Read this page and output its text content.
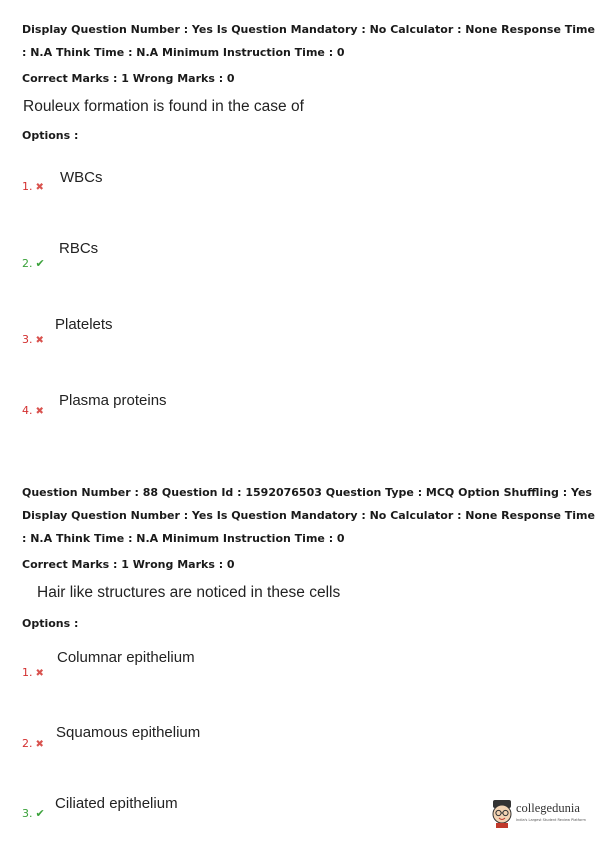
Display Question Number : Yes Is Question Mandatory : No Calculator : None Response Time
: N.A Think Time : N.A Minimum Instruction Time : 0
Correct Marks : 1 Wrong Marks : 0
Rouleux formation is found in the case of
Options :
1. ✖
WBCs
2. ✔
RBCs
3. ✖
Platelets
4. ✖
Plasma proteins
Question Number : 88 Question Id : 1592076503 Question Type : MCQ Option Shuffling : Yes
Display Question Number : Yes Is Question Mandatory : No Calculator : None Response Time
: N.A Think Time : N.A Minimum Instruction Time : 0
Correct Marks : 1 Wrong Marks : 0
Hair like structures are noticed in these cells
Options :
1. ✖
Columnar epithelium
2. ✖
Squamous epithelium
3. ✔
Ciliated epithelium	collegedunia
India's Largest Student Review Platform
